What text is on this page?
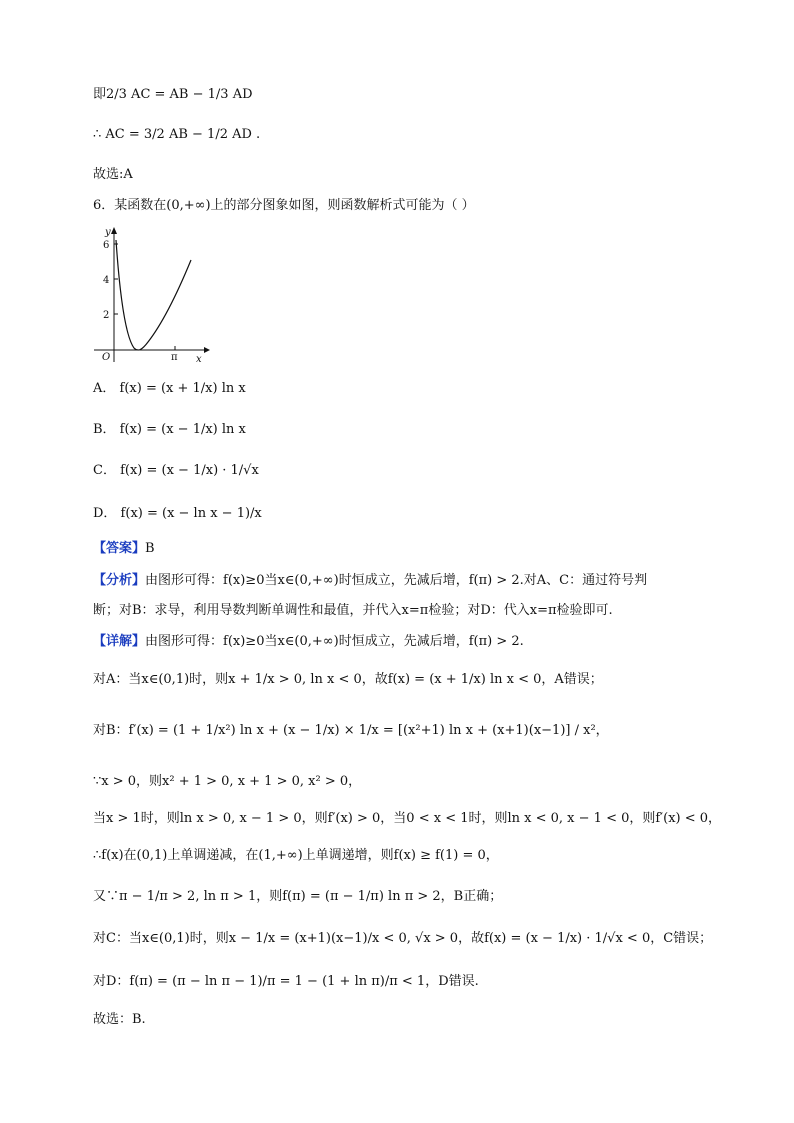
即2/3 AC = AB − 1/3 AD
∴ AC = 3/2 AB − 1/2 AD .
故选:A
6．某函数在(0,+∞)上的部分图象如图，则函数解析式可能为（ ）
6
4
2
π
O
y
x
A． f(x) = (x + 1/x) ln x
B． f(x) = (x − 1/x) ln x
C． f(x) = (x − 1/x) · 1/√x
D． f(x) = (x − ln x − 1)/x
【答案】B
【分析】由图形可得：f(x)≥0当x∈(0,+∞)时恒成立，先减后增，f(π) > 2.对A、C：通过符号判
断；对B：求导，利用导数判断单调性和最值，并代入x=π检验；对D：代入x=π检验即可.
【详解】由图形可得：f(x)≥0当x∈(0,+∞)时恒成立，先减后增，f(π) > 2.
对A：当x∈(0,1)时，则x + 1/x > 0, ln x < 0，故f(x) = (x + 1/x) ln x < 0，A错误；
对B：f′(x) = (1 + 1/x²) ln x + (x − 1/x) × 1/x = [(x²+1) ln x + (x+1)(x−1)] / x²，
∵x > 0，则x² + 1 > 0, x + 1 > 0, x² > 0，
当x > 1时，则ln x > 0, x − 1 > 0，则f′(x) > 0，当0 < x < 1时，则ln x < 0, x − 1 < 0，则f′(x) < 0，
∴f(x)在(0,1)上单调递减，在(1,+∞)上单调递增，则f(x) ≥ f(1) = 0，
又∵π − 1/π > 2, ln π > 1，则f(π) = (π − 1/π) ln π > 2，B正确；
对C：当x∈(0,1)时，则x − 1/x = (x+1)(x−1)/x < 0, √x > 0，故f(x) = (x − 1/x) · 1/√x < 0，C错误；
对D：f(π) = (π − ln π − 1)/π = 1 − (1 + ln π)/π < 1，D错误.
故选：B.
